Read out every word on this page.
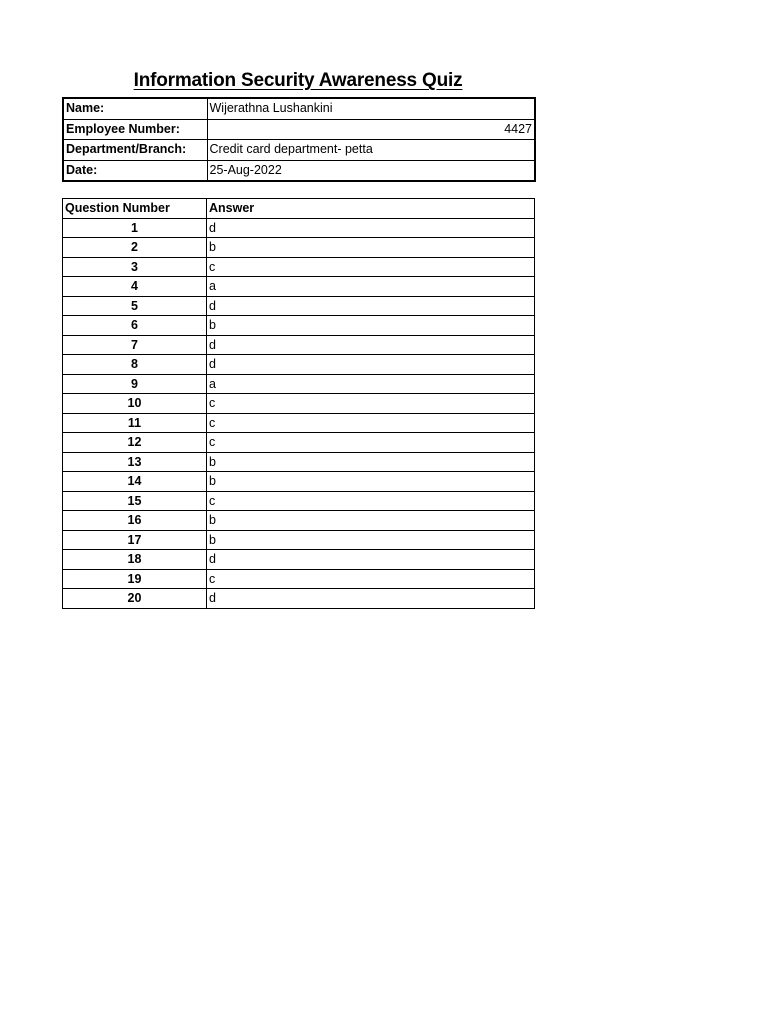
Information Security Awareness Quiz
Name:	Wijerathna Lushankini
Employee Number:	4427
Department/Branch:	Credit card department- petta
Date:	25-Aug-2022
Question Number	Answer
1	d
2	b
3	c
4	a
5	d
6	b
7	d
8	d
9	a
10	c
11	c
12	c
13	b
14	b
15	c
16	b
17	b
18	d
19	c
20	d
